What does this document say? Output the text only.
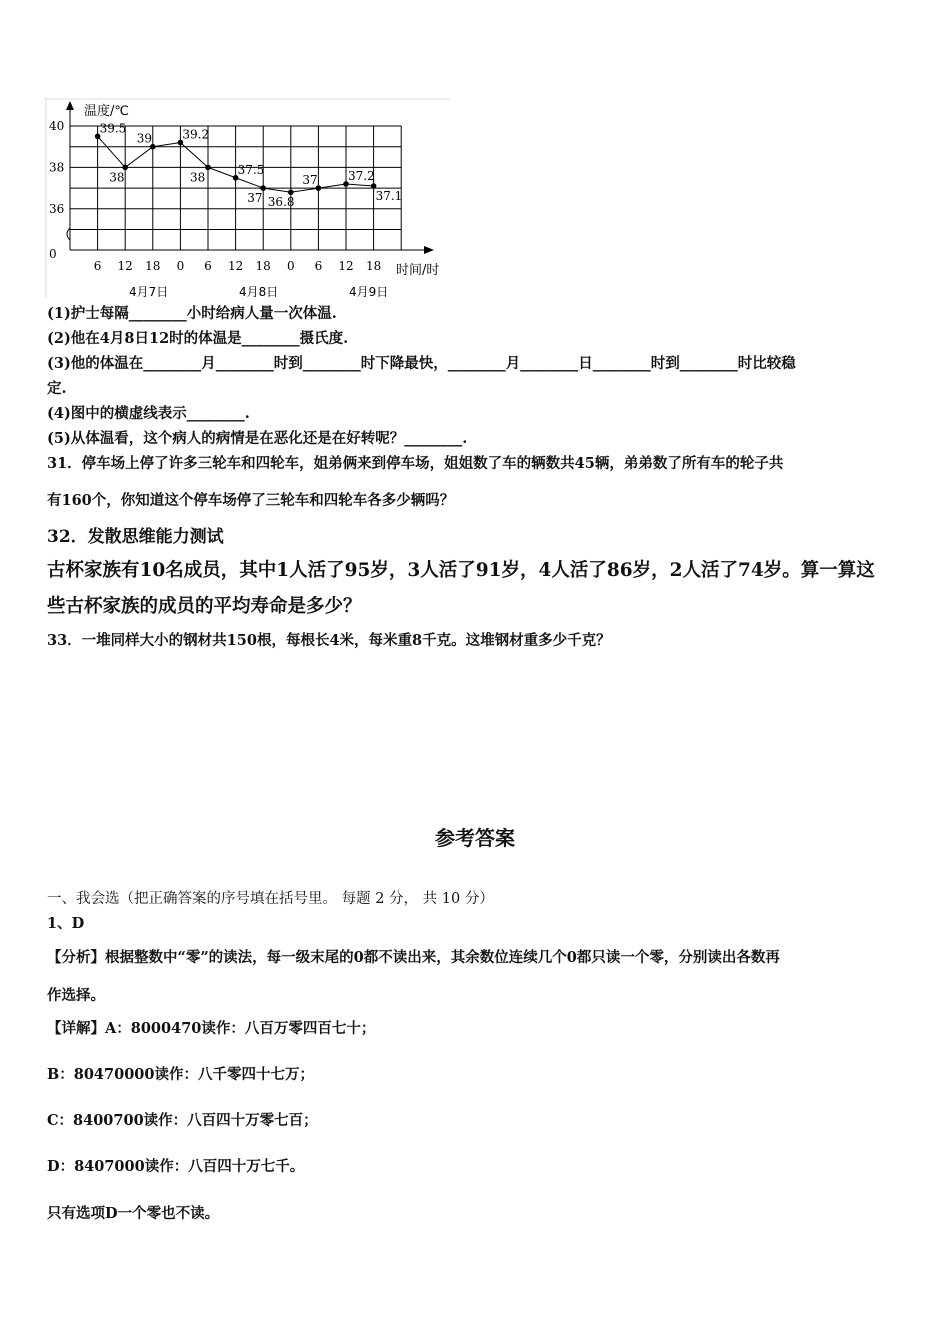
温度/℃
时间/时
40
38
36
0
6 12 18 0 6 12 18 0 6 12 18
4月7日	4月8日	4月9日
39.5
38
39	39.2
38
37.5
37 36.8
37	37.2
37.1
(1)护士每隔________小时给病人量一次体温.
(2)他在4月8日12时的体温是________摄氏度.
(3)他的体温在________月________时到________时下降最快，________月________日________时到________时比较稳
定.
(4)图中的横虚线表示________.
(5)从体温看，这个病人的病情是在恶化还是在好转呢？________.
31．停车场上停了许多三轮车和四轮车，姐弟俩来到停车场，姐姐数了车的辆数共45辆，弟弟数了所有车的轮子共
有160个，你知道这个停车场停了三轮车和四轮车各多少辆吗？
32．发散思维能力测试
古杯家族有10名成员，其中1人活了95岁，3人活了91岁，4人活了86岁，2人活了74岁。算一算这
些古杯家族的成员的平均寿命是多少？
33．一堆同样大小的钢材共150根，每根长4米，每米重8千克。这堆钢材重多少千克？
参考答案
一、我会选（把正确答案的序号填在括号里。 每题 2 分， 共 10 分）
1、D
【分析】根据整数中“零”的读法，每一级末尾的0都不读出来，其余数位连续几个0都只读一个零，分别读出各数再
作选择。
【详解】A：8000470读作：八百万零四百七十；
B：80470000读作：八千零四十七万；
C：8400700读作：八百四十万零七百；
D：8407000读作：八百四十万七千。
只有选项D一个零也不读。
